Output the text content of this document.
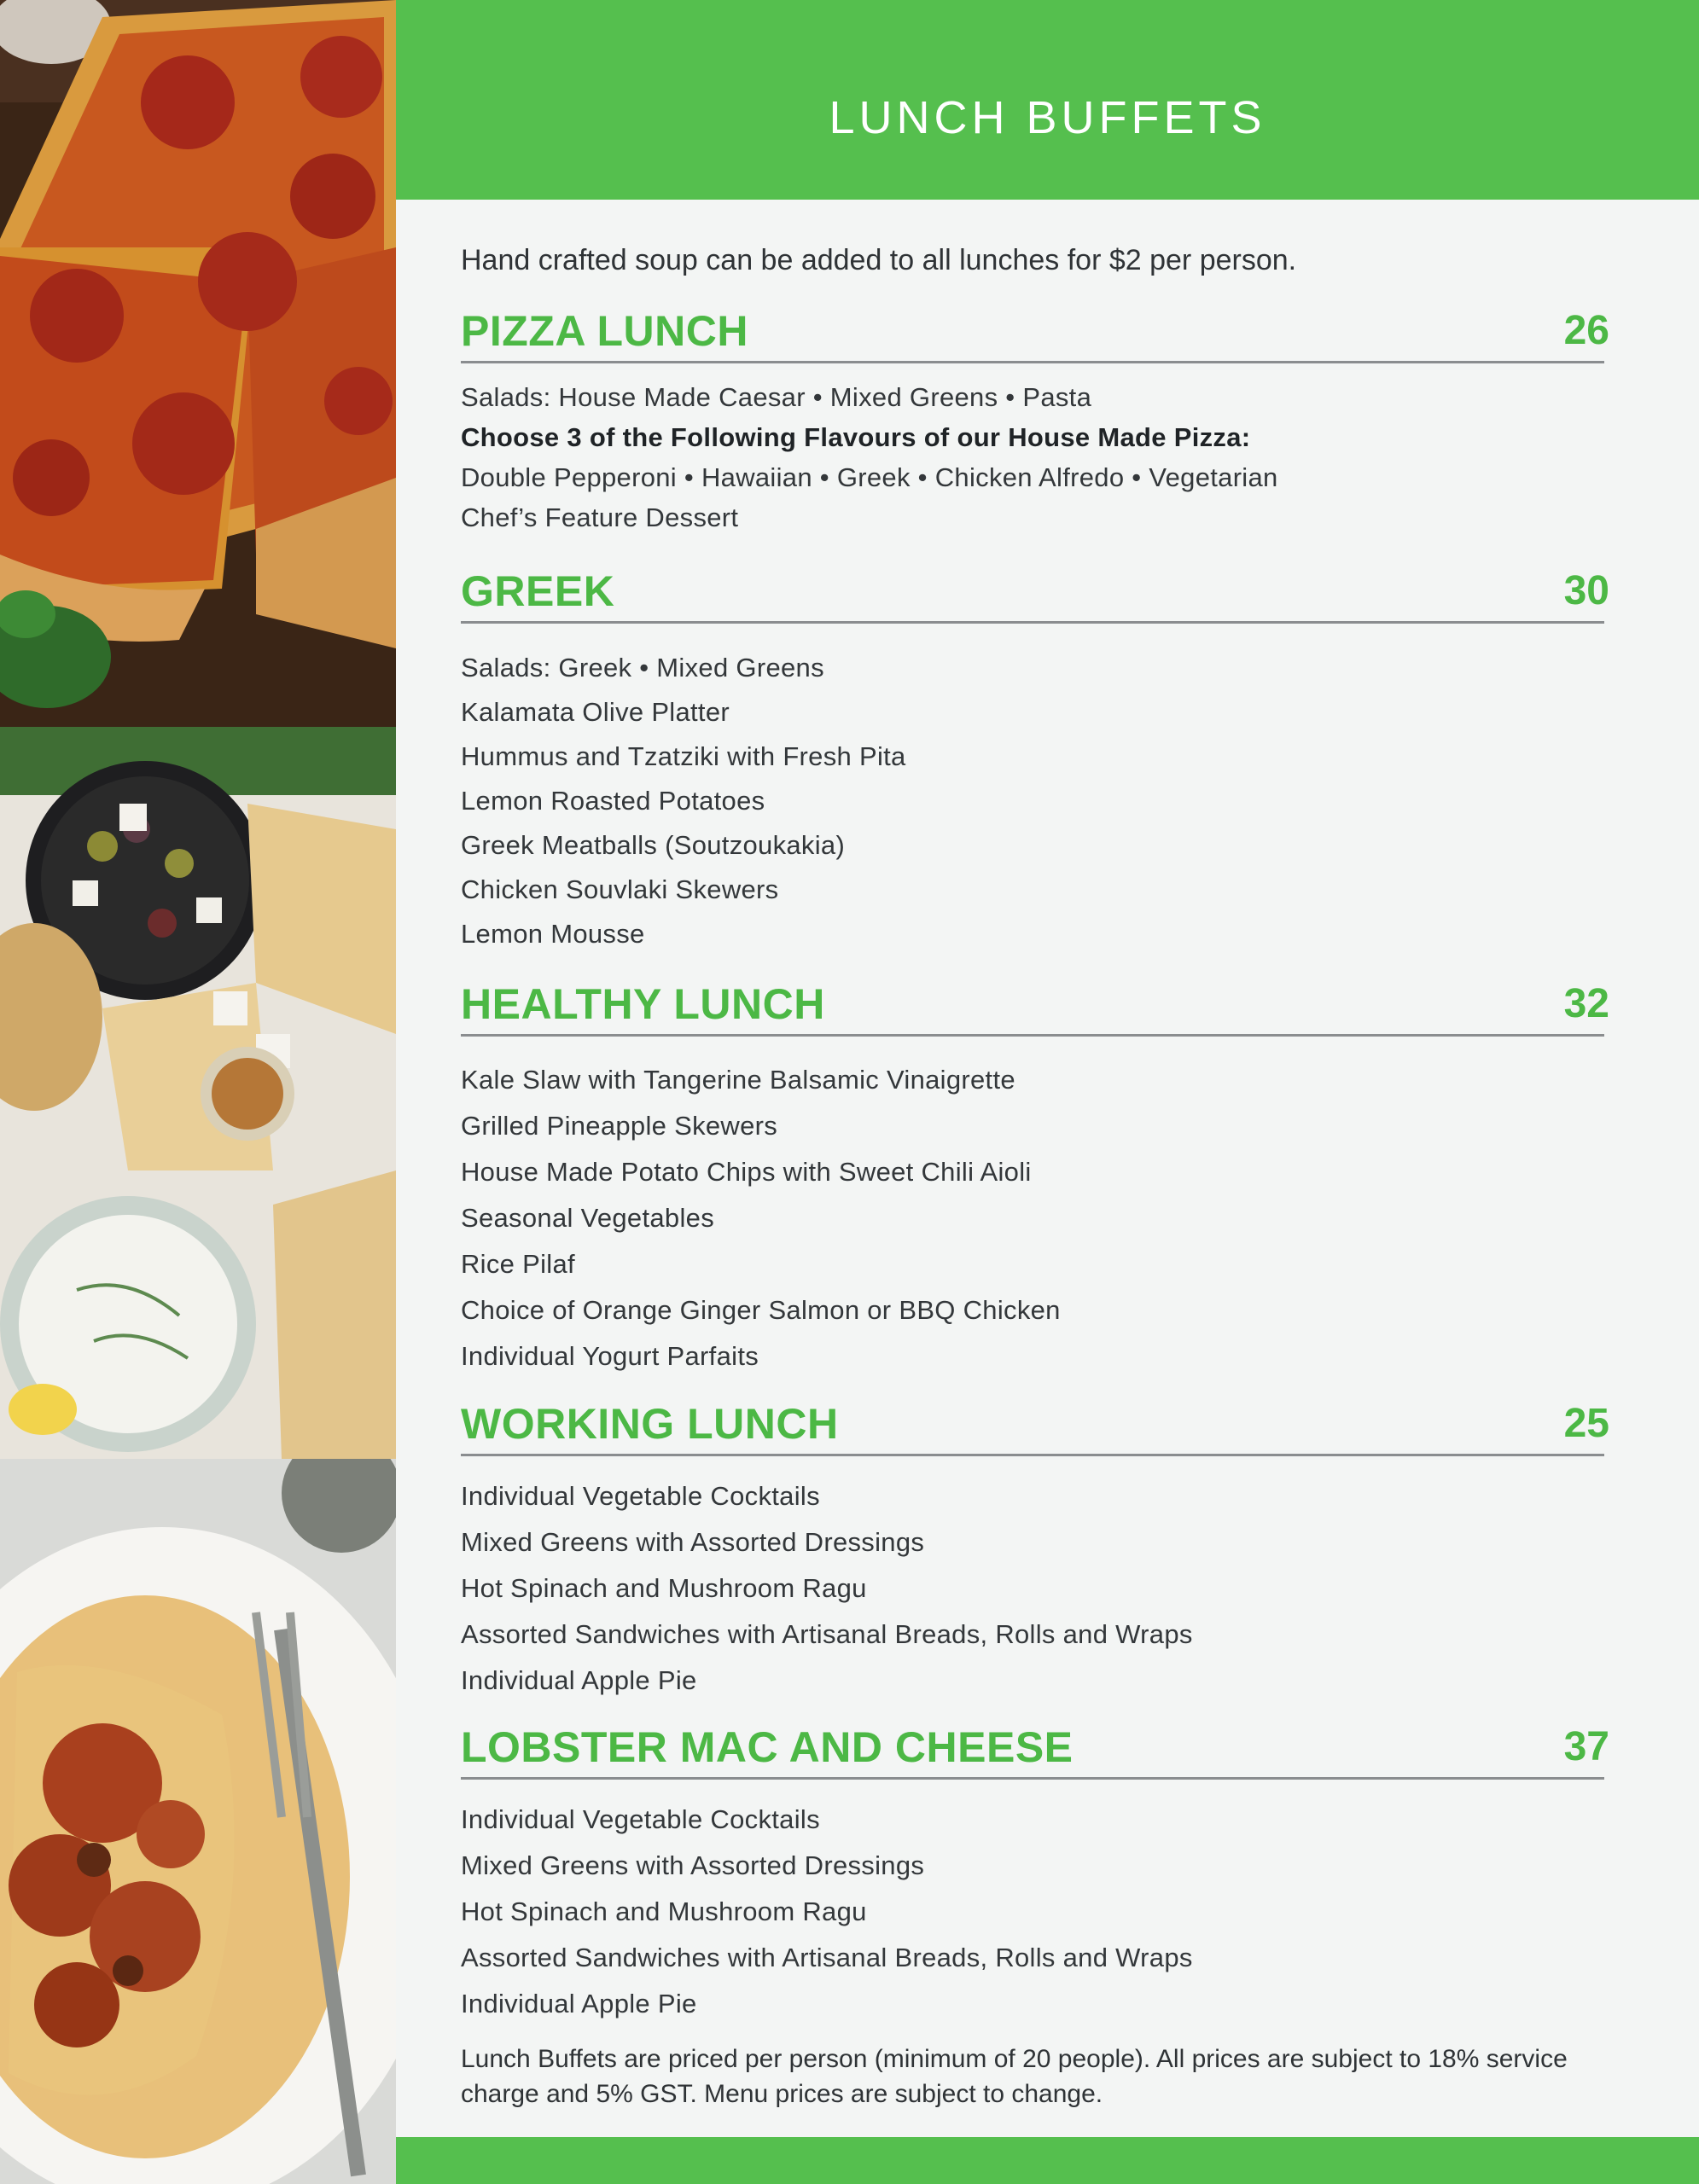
LUNCH BUFFETS
Hand crafted soup can be added to all lunches for $2 per person.
PIZZA LUNCH	26
Salads: House Made Caesar • Mixed Greens • Pasta
Choose 3 of the Following Flavours of our House Made Pizza:
Double Pepperoni • Hawaiian • Greek • Chicken Alfredo • Vegetarian
Chef’s Feature Dessert
GREEK	30
Salads: Greek • Mixed Greens
Kalamata Olive Platter
Hummus and Tzatziki with Fresh Pita
Lemon Roasted Potatoes
Greek Meatballs (Soutzoukakia)
Chicken Souvlaki Skewers
Lemon Mousse
HEALTHY LUNCH	32
Kale Slaw with Tangerine Balsamic Vinaigrette
Grilled Pineapple Skewers
House Made Potato Chips with Sweet Chili Aioli
Seasonal Vegetables
Rice Pilaf
Choice of Orange Ginger Salmon or BBQ Chicken
Individual Yogurt Parfaits
WORKING LUNCH	25
Individual Vegetable Cocktails
Mixed Greens with Assorted Dressings
Hot Spinach and Mushroom Ragu
Assorted Sandwiches with Artisanal Breads, Rolls and Wraps
Individual Apple Pie
LOBSTER MAC AND CHEESE	37
Individual Vegetable Cocktails
Mixed Greens with Assorted Dressings
Hot Spinach and Mushroom Ragu
Assorted Sandwiches with Artisanal Breads, Rolls and Wraps
Individual Apple Pie
Lunch Buffets are priced per person (minimum of 20 people). All prices are subject to 18% service charge and 5% GST. Menu prices are subject to change.
